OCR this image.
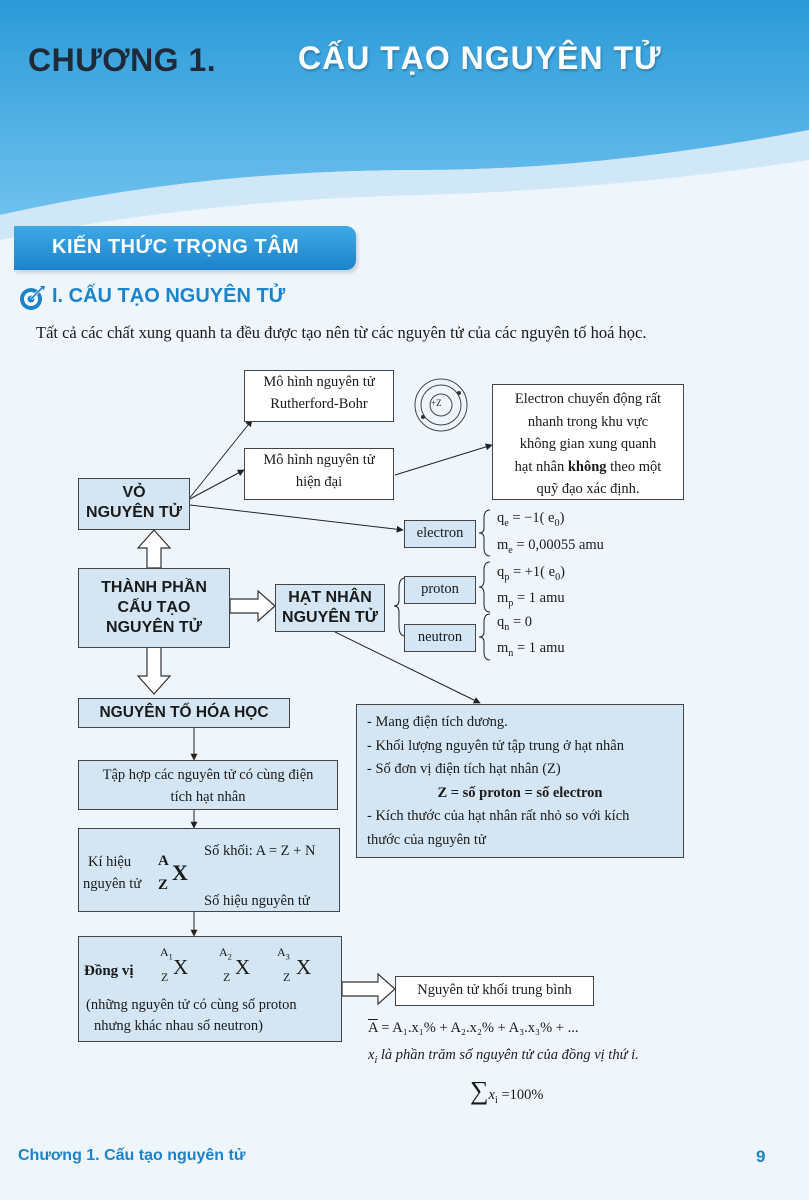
CHƯƠNG 1.	CẤU TẠO NGUYÊN TỬ
KIẾN THỨC TRỌNG TÂM
I. CẤU TẠO NGUYÊN TỬ
Tất cả các chất xung quanh ta đều được tạo nên từ các nguyên tử của các nguyên tố hoá học.
+Z
Mô hình nguyên tử
Rutherford-Bohr
Mô hình nguyên tử
hiện đại
Electron chuyển động rất
nhanh trong khu vực
không gian xung quanh
hạt nhân không theo một
quỹ đạo xác định.
VỎ
NGUYÊN TỬ
THÀNH PHẦN
CẤU TẠO
NGUYÊN TỬ
HẠT NHÂN
NGUYÊN TỬ
electron
$q_e = -1$( $e_0$)
$m_e = 0,00055$ amu
proton
$q_p = +1$( $e_0$)
$m_p = 1$ amu
neutron
$q_n = 0$
$m_n = 1$ amu
- Mang điện tích dương.
- Khối lượng nguyên tử tập trung ở hạt nhân
- Số đơn vị điện tích hạt nhân (Z)
Z = số proton = số electron
- Kích thước của hạt nhân rất nhỏ so với kích
thước của nguyên tử
NGUYÊN TỐ HÓA HỌC
Tập hợp các nguyên tử có cùng điện
tích hạt nhân
Kí hiệu
nguyên tử
A
Z X
Số khối: A = Z + N
Số hiệu nguyên tử
Đồng vị
$A_1$
Z X
$A_2$
Z X
$A_3$
Z X
(những nguyên tử có cùng số proton
nhưng khác nhau số neutron)
Nguyên tử khối trung bình
$\overline{A} = A_1.x_1\% + A_2.x_2\% + A_3.x_3\%$ + ...
$x_i$ là phần trăm số nguyên tử của đồng vị thứ i.
$\sum x_i =100\%$
Chương 1. Cấu tạo nguyên tử	9
